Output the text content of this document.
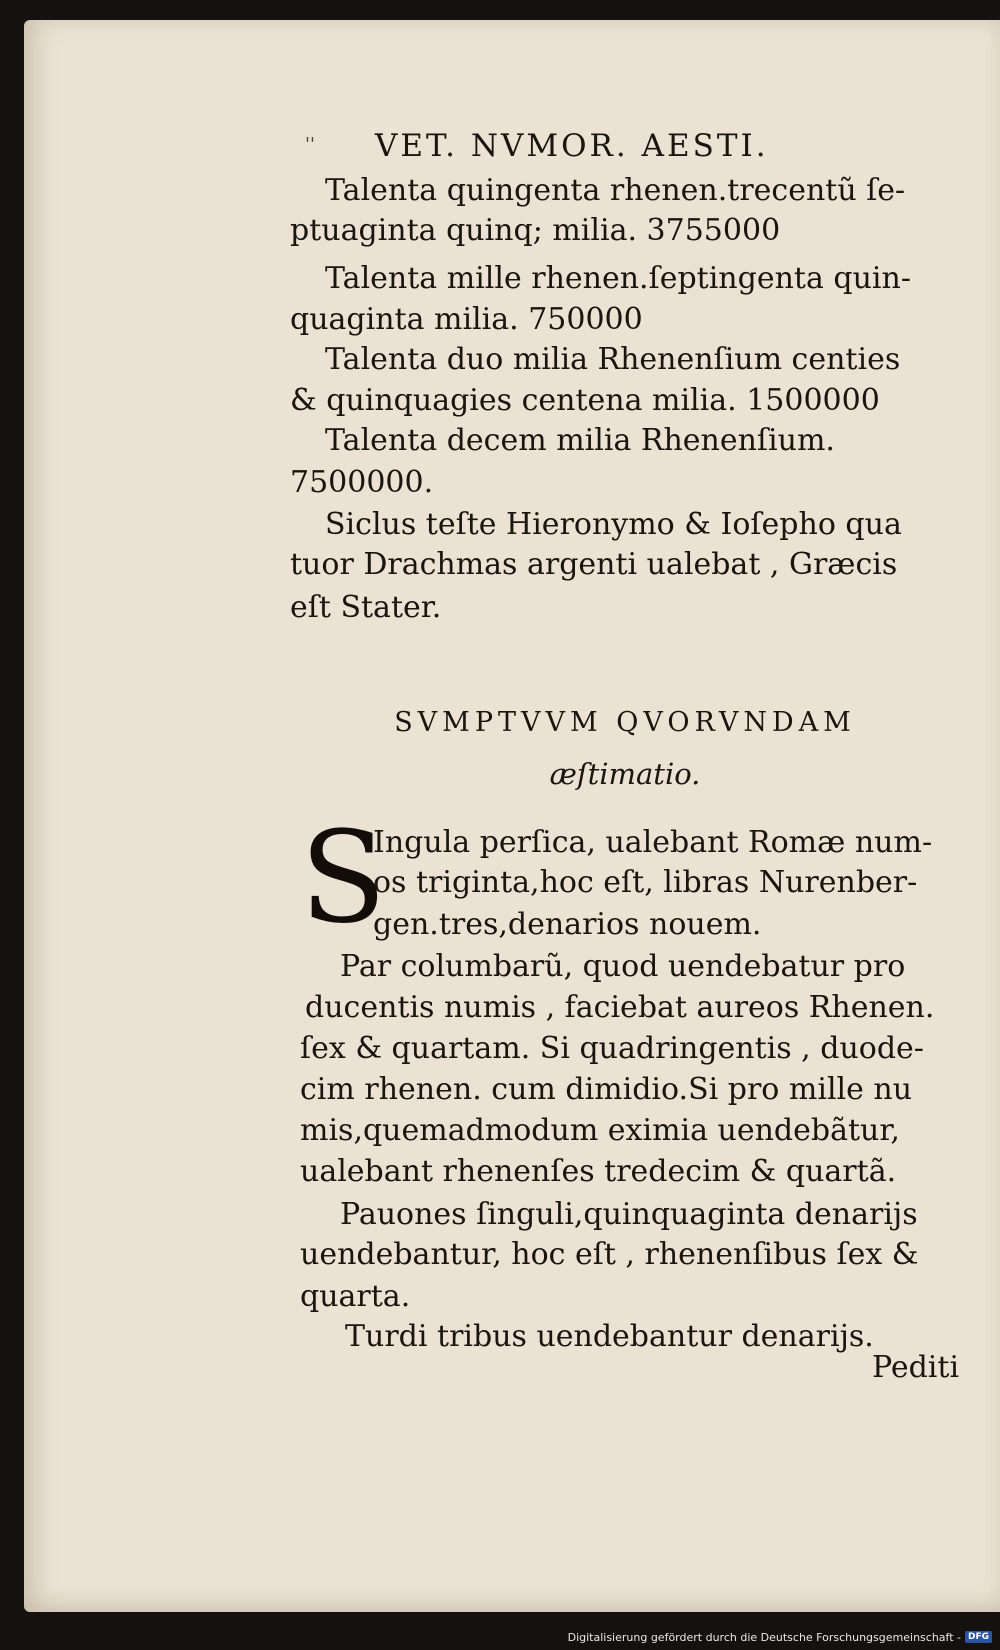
'' VET. NVMOR. AESTI.
Talenta quingenta rhenen.trecentũ ſe-
ptuaginta quinq; milia. 3755000
Talenta mille rhenen.ſeptingenta quin-
quaginta milia. 750000
Talenta duo milia Rhenenſium centies
& quinquagies centena milia. 1500000
Talenta decem milia Rhenenſium.
7500000.
Siclus teſte Hieronymo & Ioſepho qua
tuor Drachmas argenti ualebat , Græcis
eſt Stater.
SVMPTVVM QVORVNDAM
æſtimatio.
S
Ingula perſica, ualebant Romæ num-
os triginta,hoc eſt, libras Nurenber-
gen.tres,denarios nouem.
Par columbarũ, quod uendebatur pro
ducentis numis , faciebat aureos Rhenen.
ſex & quartam. Si quadringentis , duode-
cim rhenen. cum dimidio.Si pro mille nu
mis,quemadmodum eximia uendebãtur,
ualebant rhenenſes tredecim & quartã.
Pauones ſinguli,quinquaginta denarijs
uendebantur, hoc eſt , rhenenſibus ſex &
quarta.
Turdi tribus uendebantur denarijs.
Pediti
Digitalisierung gefördert durch die Deutsche Forschungsgemeinschaft - DFG
